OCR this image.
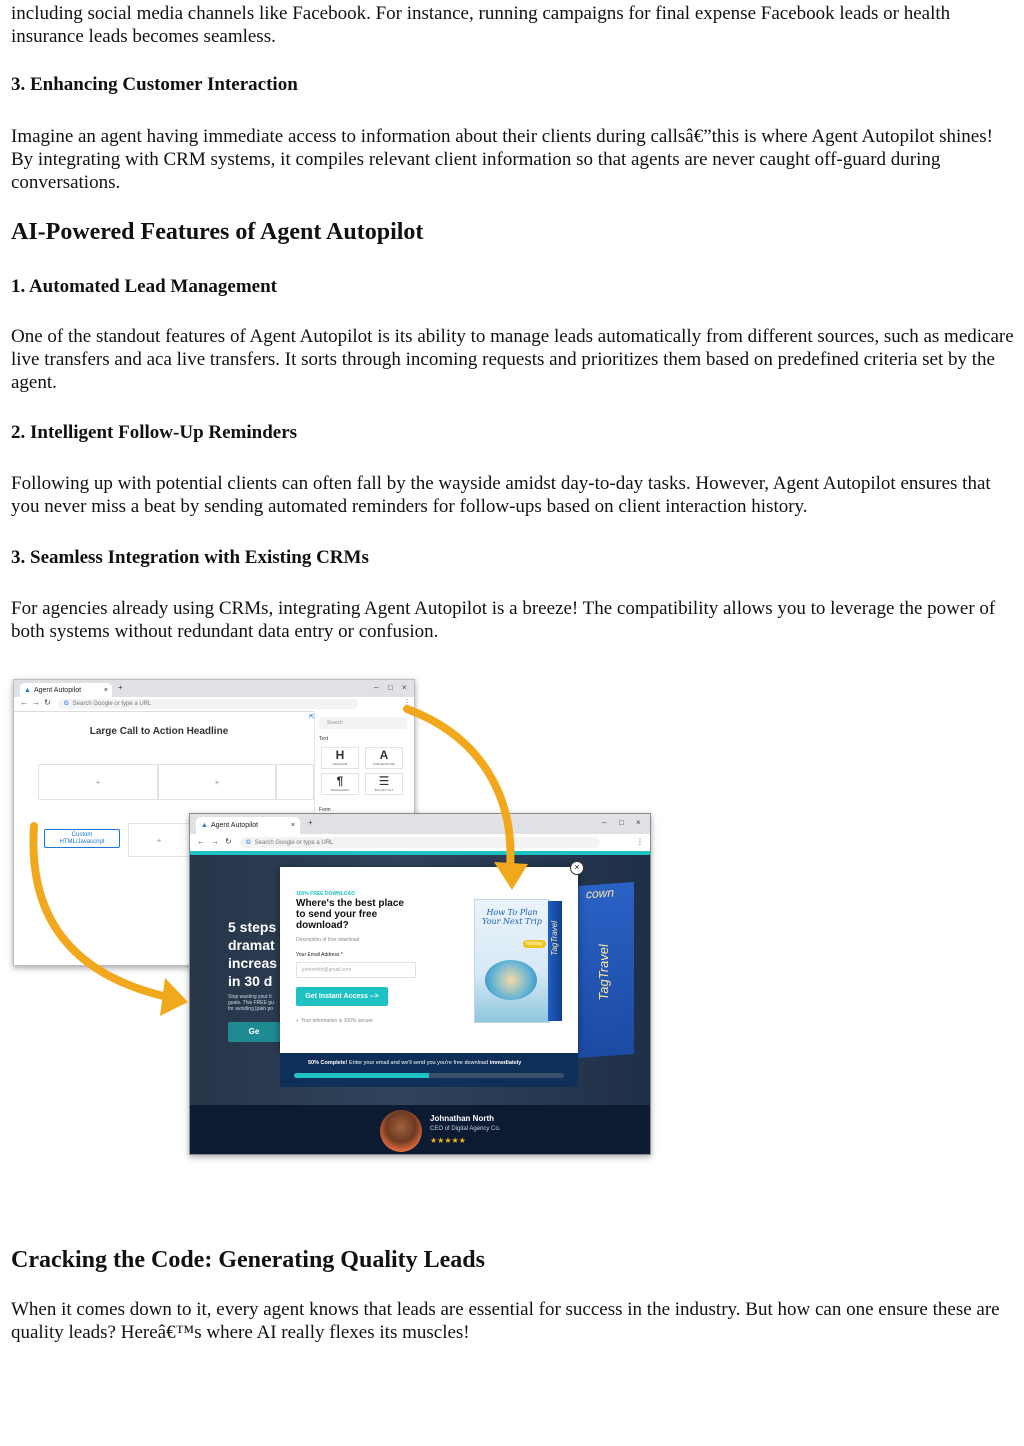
including social media channels like Facebook. For instance, running campaigns for final expense Facebook leads or health insurance leads becomes seamless.

3. Enhancing Customer Interaction

Imagine an agent having immediate access to information about their clients during callsâ€”this is where Agent Autopilot shines! By integrating with CRM systems, it compiles relevant client information so that agents are never caught off-guard during conversations.

AI-Powered Features of Agent Autopilot
1. Automated Lead Management

One of the standout features of Agent Autopilot is its ability to manage leads automatically from different sources, such as medicare live transfers and aca live transfers. It sorts through incoming requests and prioritizes them based on predefined criteria set by the agent.

2. Intelligent Follow-Up Reminders

Following up with potential clients can often fall by the wayside amidst day-to-day tasks. However, Agent Autopilot ensures that you never miss a beat by sending automated reminders for follow-ups based on client interaction history.

3. Seamless Integration with Existing CRMs

For agencies already using CRMs, integrating Agent Autopilot is a breeze! The compatibility allows you to leverage the power of both systems without redundant data entry or confusion.

▲ Agent Autopilot	× +	– □ ×
← → ↻ G Search Google or type a URL	⋮
Large Call to Action Headline
+	+
Custom HTML/Javascript	+
⇱
Search
Text
H
HEADLINE
A
SUB-HEADLINE
¶
PARAGRAPH
☰
BULLET LIST
Form
▲ Agent Autopilot	× +	– □ ×
← → ↻ G Search Google or type a URL	⋮
5 steps
dramat
increas
in 30 d
Stop wasting your ti
goals. This FREE gu
for avoiding [pain po
Ge
cown
TagTravel
100% FREE DOWNLOAD
Where's the best place to send your free download?
Description of free download
Your Email Address *
johnsmith@gmail.com
Get Instant Access -->
◐ Your information is 100% secure
How To Plan Your Next Trip
Holiday TagTravel
×
50% Complete! Enter your email and we'll send you you're free download immediately
Johnathan North
CEO of Digital Agency Co.
★★★★★
Cracking the Code: Generating Quality Leads

When it comes down to it, every agent knows that leads are essential for success in the industry. But how can one ensure these are quality leads? Hereâ€™s where AI really flexes its muscles!
